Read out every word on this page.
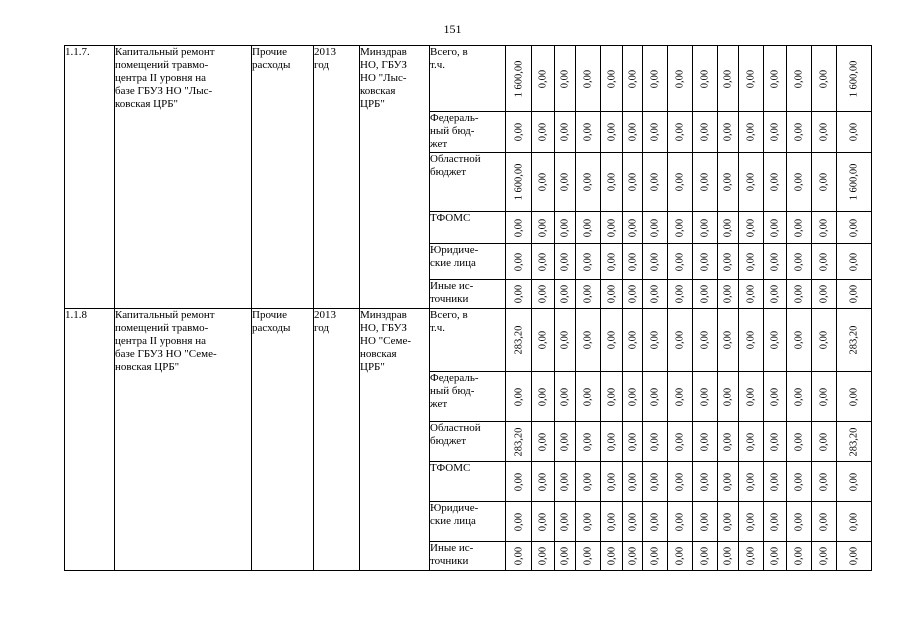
151
1.1.7.	Капитальный ремонт
помещений травмо-
центра II уровня на
базе ГБУЗ НО "Лыс-
ковская ЦРБ"	Прочие
расходы	2013
год	Минздрав
НО, ГБУЗ
НО "Лыс-
ковская
ЦРБ"	Всего, в
т.ч.	1 600,00	0,00	0,00	0,00	0,00	0,00	0,00	0,00	0,00	0,00	0,00	0,00	0,00	0,00	1 600,00

					Федераль-
ный бюд-
жет	0,00	0,00	0,00	0,00	0,00	0,00	0,00	0,00	0,00	0,00	0,00	0,00	0,00	0,00	0,00

					Областной
бюджет	1 600,00	0,00	0,00	0,00	0,00	0,00	0,00	0,00	0,00	0,00	0,00	0,00	0,00	0,00	1 600,00

					ТФОМС	0,00	0,00	0,00	0,00	0,00	0,00	0,00	0,00	0,00	0,00	0,00	0,00	0,00	0,00	0,00

					Юридиче-
ские лица	0,00	0,00	0,00	0,00	0,00	0,00	0,00	0,00	0,00	0,00	0,00	0,00	0,00	0,00	0,00

					Иные ис-
точники	0,00	0,00	0,00	0,00	0,00	0,00	0,00	0,00	0,00	0,00	0,00	0,00	0,00	0,00	0,00

1.1.8	Капитальный ремонт
помещений травмо-
центра II уровня на
базе ГБУЗ НО "Семе-
новская ЦРБ"	Прочие
расходы	2013
год	Минздрав
НО, ГБУЗ
НО "Семе-
новская
ЦРБ"	Всего, в
т.ч.	283,20	0,00	0,00	0,00	0,00	0,00	0,00	0,00	0,00	0,00	0,00	0,00	0,00	0,00	283,20

					Федераль-
ный бюд-
жет	0,00	0,00	0,00	0,00	0,00	0,00	0,00	0,00	0,00	0,00	0,00	0,00	0,00	0,00	0,00

					Областной
бюджет	283,20	0,00	0,00	0,00	0,00	0,00	0,00	0,00	0,00	0,00	0,00	0,00	0,00	0,00	283,20

					ТФОМС	0,00	0,00	0,00	0,00	0,00	0,00	0,00	0,00	0,00	0,00	0,00	0,00	0,00	0,00	0,00

					Юридиче-
ские лица	0,00	0,00	0,00	0,00	0,00	0,00	0,00	0,00	0,00	0,00	0,00	0,00	0,00	0,00	0,00

					Иные ис-
точники	0,00	0,00	0,00	0,00	0,00	0,00	0,00	0,00	0,00	0,00	0,00	0,00	0,00	0,00	0,00
